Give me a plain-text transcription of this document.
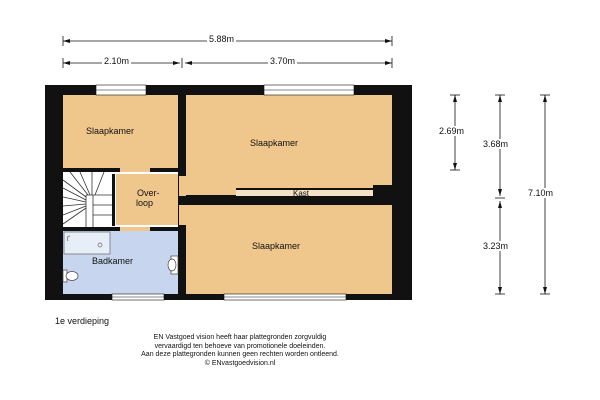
Slaapkamer
Slaapkamer
Over-
loop
Kast
Badkamer
Slaapkamer
5.88m
2.10m	3.70m
2.69m
3.68m
3.23m
7.10m
1e verdieping
EN Vastgoed vision heeft haar plattegronden zorgvuldig
vervaardigd ten behoeve van promotionele doeleinden.
Aan deze plattegronden kunnen geen rechten worden ontleend.
© ENvastgoedvision.nl
